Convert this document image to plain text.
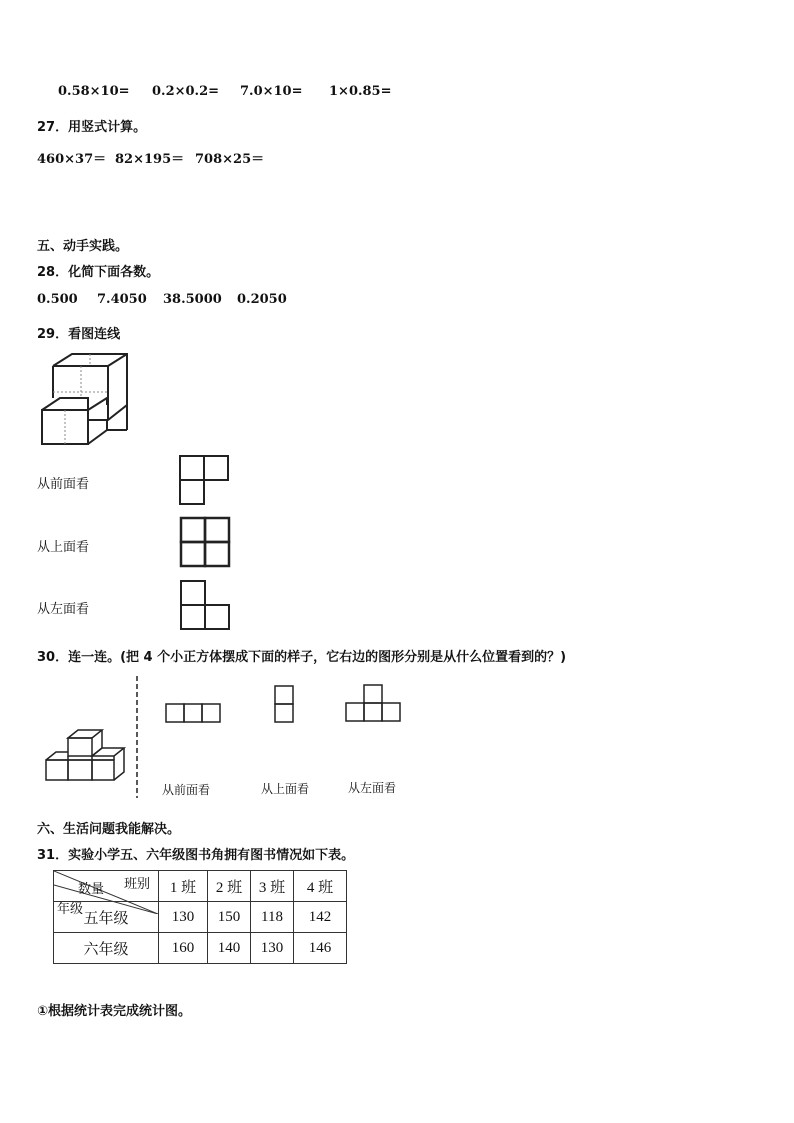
0.58×10= 0.2×0.2= 7.0×10= 1×0.85=
27．用竖式计算。
460×37＝ 82×195＝ 708×25＝
五、动手实践。
28．化简下面各数。
0.500 7.4050 38.5000 0.2050
29．看图连线
从前面看
从上面看
从左面看
30．连一连。(把 4 个小正方体摆成下面的样子，它右边的图形分别是从什么位置看到的？)
从前面看	从上面看	从左面看
六、生活问题我能解决。
31．实验小学五、六年级图书角拥有图书情况如下表。
班别
数量
年级	1 班	2 班	3 班	4 班
五年级	130	150	118	142
六年级	160	140	130	146
①根据统计表完成统计图。
